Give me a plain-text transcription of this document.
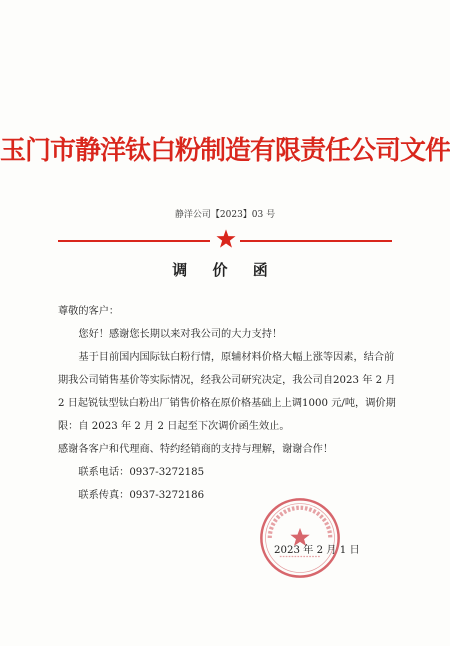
玉门市静洋钛白粉制造有限责任公司文件
静洋公司【2023】03 号
调 价 函

尊敬的客户：

您好！感谢您长期以来对我公司的大力支持！

基于目前国内国际钛白粉行情，原辅材料价格大幅上涨等因素，结合前期我公司销售基价等实际情况，经我公司研究决定，我公司自2023 年 2 月 2 日起锐钛型钛白粉出厂销售价格在原价格基础上上调1000 元/吨，调价期限：自 2023 年 2 月 2 日起至下次调价函生效止。

感谢各客户和代理商、特约经销商的支持与理解，谢谢合作！

联系电话：0937-3272185

联系传真：0937-3272186

2023 年 2 月 1 日
